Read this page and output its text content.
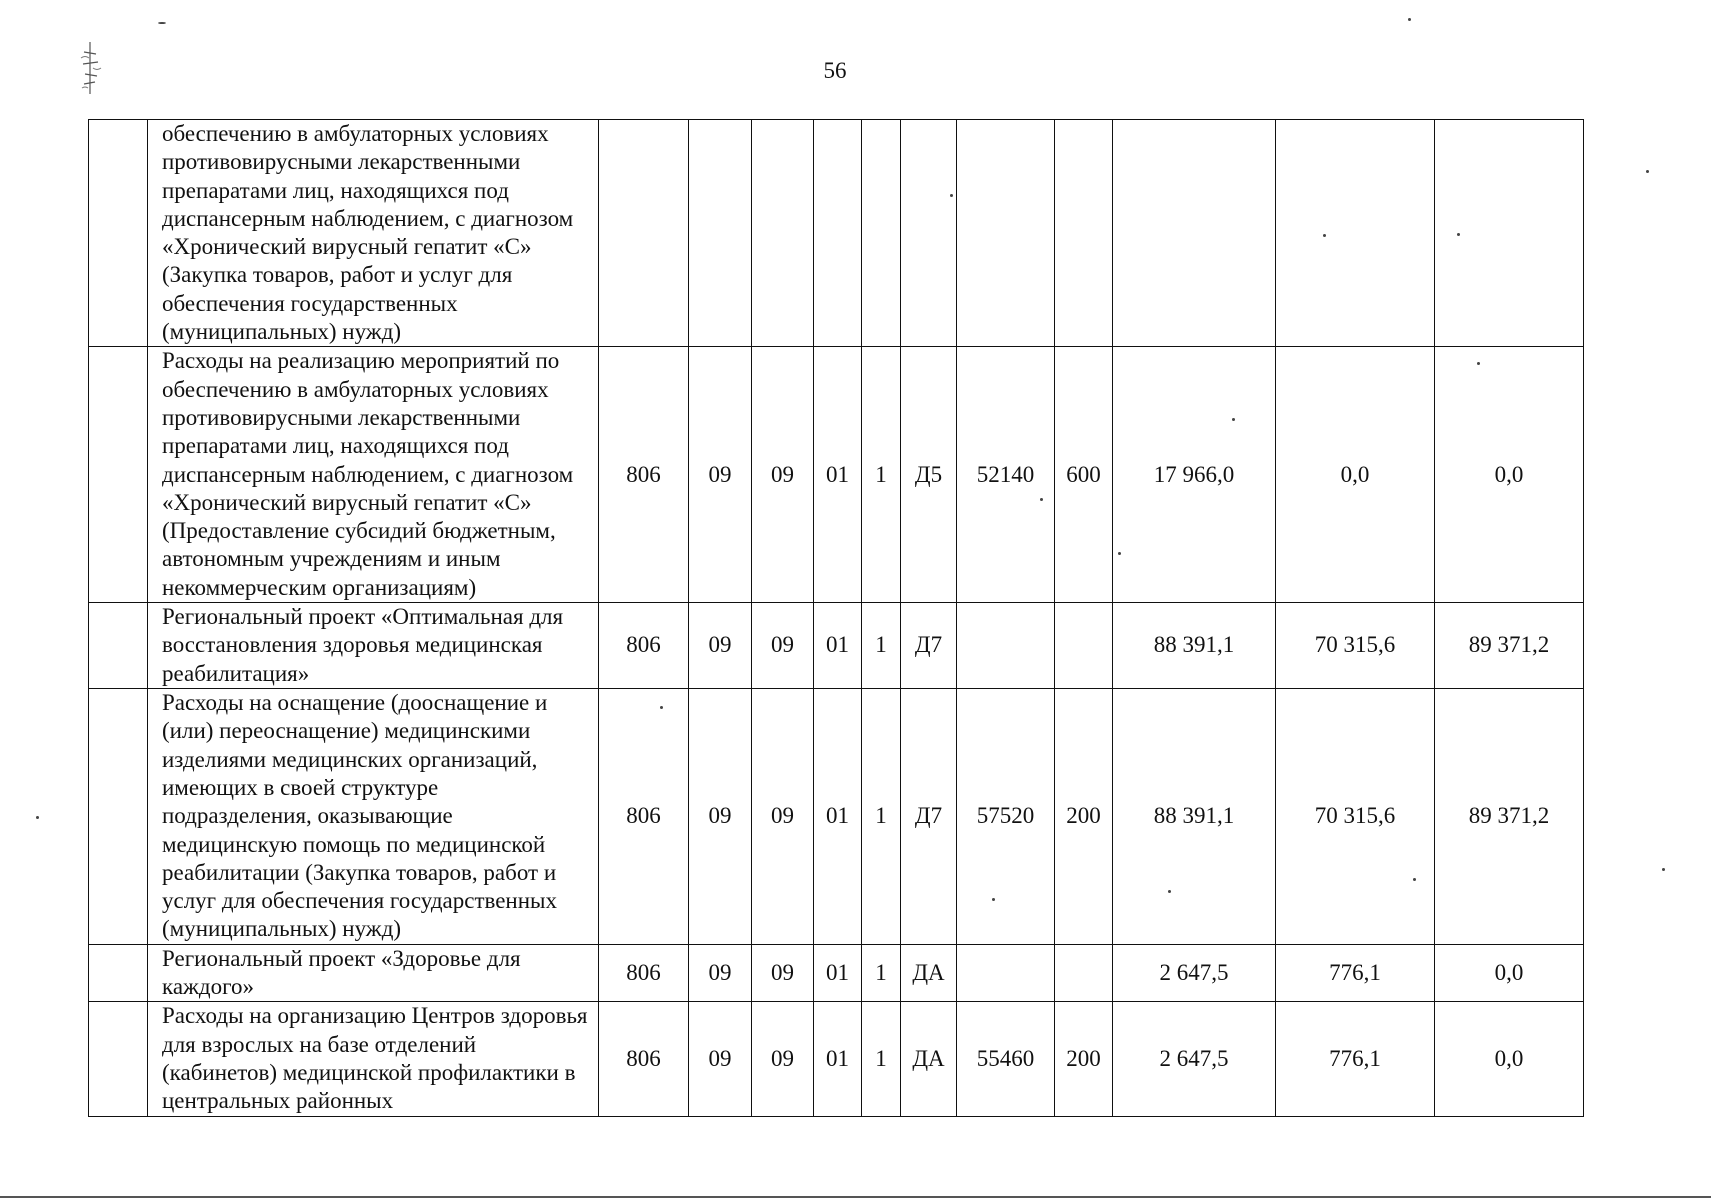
56
	обеспечению в амбулаторных условиях противовирусными лекарственными препаратами лиц, находящихся под диспансерным наблюдением, с диагнозом «Хронический вирусный гепатит «С» (Закупка товаров, работ и услуг для обеспечения государственных (муниципальных) нужд)											
	Расходы на реализацию мероприятий по обеспечению в амбулаторных условиях противовирусными лекарственными препаратами лиц, находящихся под диспансерным наблюдением, с диагнозом «Хронический вирусный гепатит «С» (Предоставление субсидий бюджетным, автономным учреждениям и иным некоммерческим организациям)	806	09	09	01	1	Д5	52140	600	17 966,0	0,0	0,0
	Региональный проект «Оптимальная для восстановления здоровья медицинская реабилитация»	806	09	09	01	1	Д7			88 391,1	70 315,6	89 371,2
	Расходы на оснащение (дооснащение и (или) переоснащение) медицинскими изделиями медицинских организаций, имеющих в своей структуре подразделения, оказывающие медицинскую помощь по медицинской реабилитации (Закупка товаров, работ и услуг для обеспечения государственных (муниципальных) нужд)	806	09	09	01	1	Д7	57520	200	88 391,1	70 315,6	89 371,2
	Региональный проект «Здоровье для каждого»	806	09	09	01	1	ДА			2 647,5	776,1	0,0
	Расходы на организацию Центров здоровья для взрослых на базе отделений (кабинетов) медицинской профилактики в центральных районных	806	09	09	01	1	ДА	55460	200	2 647,5	776,1	0,0
